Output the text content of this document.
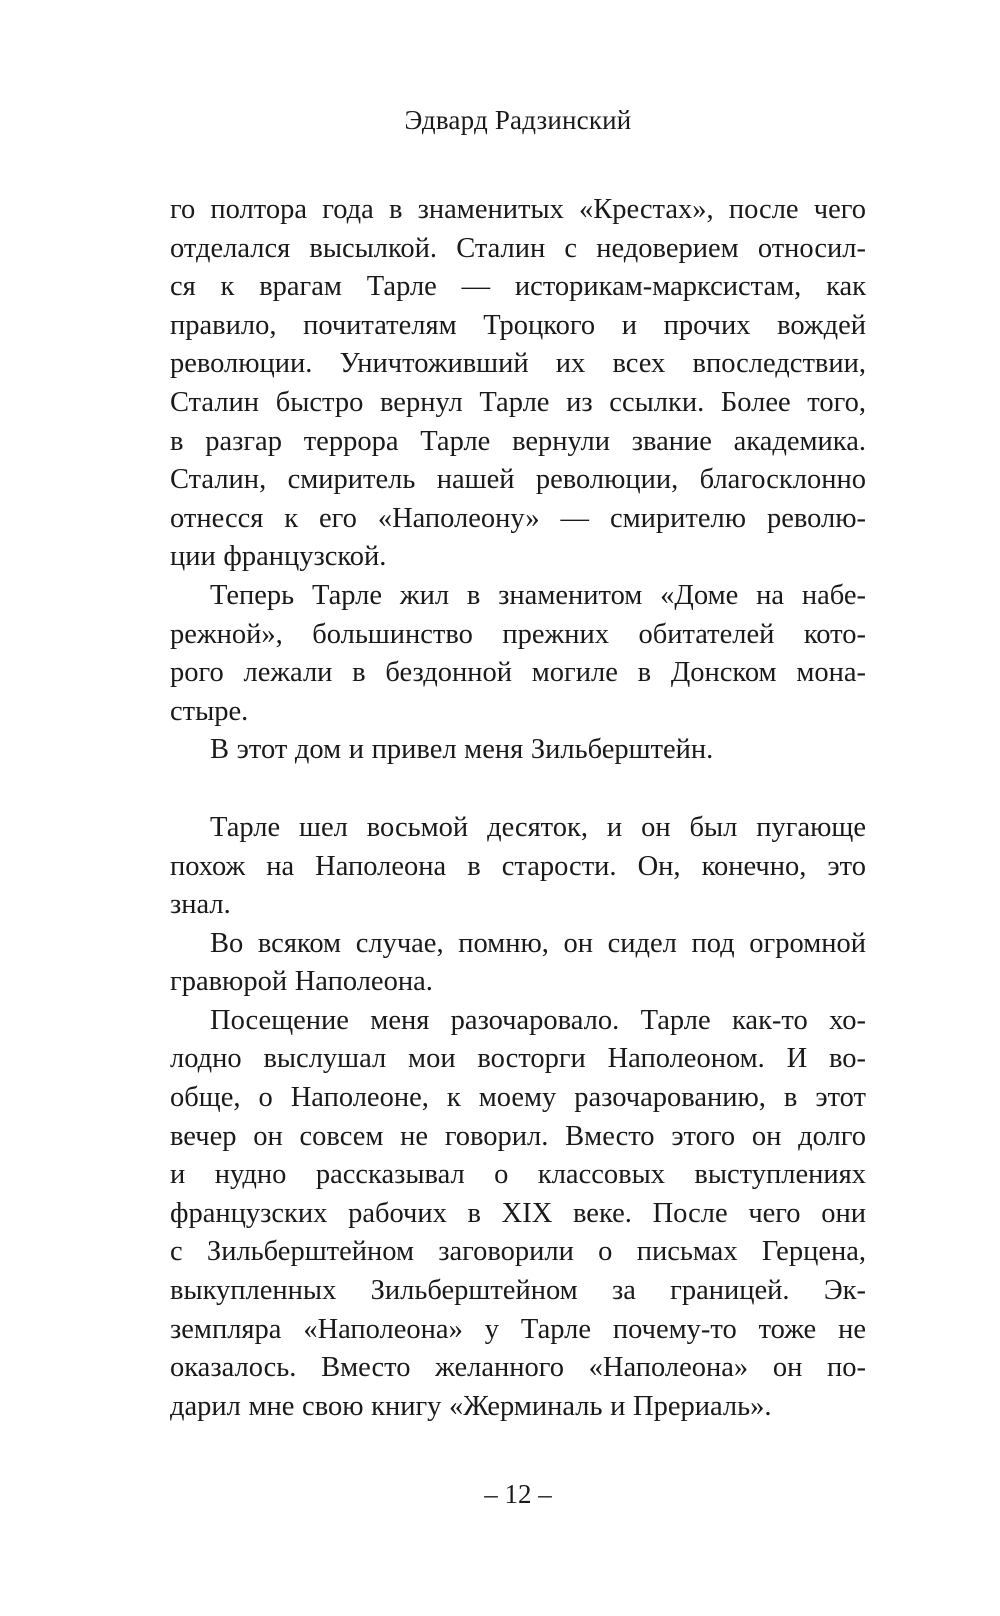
Эдвард Радзинский
го полтора года в знаменитых «Крестах», после чего
отделался высылкой. Сталин с недоверием относил-
ся к врагам Тарле — историкам-марксистам, как
правило, почитателям Троцкого и прочих вождей
революции. Уничтоживший их всех впоследствии,
Сталин быстро вернул Тарле из ссылки. Более того,
в разгар террора Тарле вернули звание академика.
Сталин, смиритель нашей революции, благосклонно
отнесся к его «Наполеону» — смирителю револю-
ции французской.
Теперь Тарле жил в знаменитом «Доме на набе-
режной», большинство прежних обитателей кото-
рого лежали в бездонной могиле в Донском мона-
стыре.
В этот дом и привел меня Зильберштейн.
Тарле шел восьмой десяток, и он был пугающе
похож на Наполеона в старости. Он, конечно, это
знал.
Во всяком случае, помню, он сидел под огромной
гравюрой Наполеона.
Посещение меня разочаровало. Тарле как-то хо-
лодно выслушал мои восторги Наполеоном. И во-
обще, о Наполеоне, к моему разочарованию, в этот
вечер он совсем не говорил. Вместо этого он долго
и нудно рассказывал о классовых выступлениях
французских рабочих в XIX веке. После чего они
с Зильберштейном заговорили о письмах Герцена,
выкупленных Зильберштейном за границей. Эк-
земпляра «Наполеона» у Тарле почему-то тоже не
оказалось. Вместо желанного «Наполеона» он по-
дарил мне свою книгу «Жерминаль и Прериаль».
– 12 –
